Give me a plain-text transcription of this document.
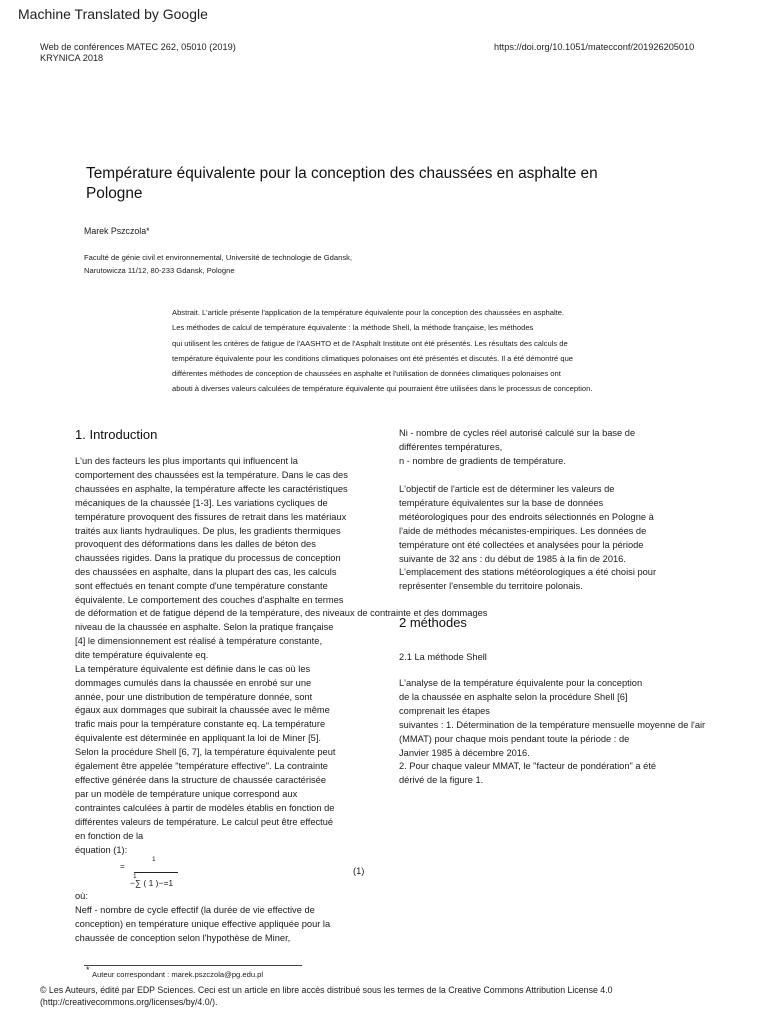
Machine Translated by Google
Web de conférences MATEC 262, 05010 (2019)
KRYNICA 2018
https://doi.org/10.1051/matecconf/201926205010
Température équivalente pour la conception des chaussées en asphalte en
Pologne
Marek Pszczola*
Faculté de génie civil et environnemental, Université de technologie de Gdansk,
Narutowicza 11/12, 80-233 Gdansk, Pologne
Abstrait. L'article présente l'application de la température équivalente pour la conception des chaussées en asphalte.
Les méthodes de calcul de température équivalente : la méthode Shell, la méthode française, les méthodes
qui utilisent les critères de fatigue de l'AASHTO et de l'Asphalt Institute ont été présentés. Les résultats des calculs de
température équivalente pour les conditions climatiques polonaises ont été présentés et discutés. Il a été démontré que
différentes méthodes de conception de chaussées en asphalte et l'utilisation de données climatiques polonaises ont
abouti à diverses valeurs calculées de température équivalente qui pourraient être utilisées dans le processus de conception.
1. Introduction
L'un des facteurs les plus importants qui influencent la
comportement des chaussées est la température. Dans le cas des
chaussées en asphalte, la température affecte les caractéristiques
mécaniques de la chaussée [1-3]. Les variations cycliques de
température provoquent des fissures de retrait dans les matériaux
traités aux liants hydrauliques. De plus, les gradients thermiques
provoquent des déformations dans les dalles de béton des
chaussées rigides. Dans la pratique du processus de conception
des chaussées en asphalte, dans la plupart des cas, les calculs
sont effectués en tenant compte d'une température constante
équivalente. Le comportement des couches d'asphalte en termes
de déformation et de fatigue dépend de la température, des niveaux de contrainte et des dommages
niveau de la chaussée en asphalte. Selon la pratique française
[4] le dimensionnement est réalisé à température constante,
dite température équivalente eq.
La température équivalente est définie dans le cas où les
dommages cumulés dans la chaussée en enrobé sur une
année, pour une distribution de température donnée, sont
égaux aux dommages que subirait la chaussée avec le même
trafic mais pour la température constante eq. La température
équivalente est déterminée en appliquant la loi de Miner [5].
Selon la procédure Shell [6, 7], la température équivalente peut
également être appelée "température effective". La contrainte
effective générée dans la structure de chaussée caractérisée
par un modèle de température unique correspond aux
contraintes calculées à partir de modèles établis en fonction de
différentes valeurs de température. Le calcul peut être effectué
en fonction de la
équation (1):
=
1
1
−∑ ( 1 )−=1
(1)
où:
Neff - nombre de cycle effectif (la durée de vie effective de
conception) en température unique effective appliquée pour la
chaussée de conception selon l'hypothèse de Miner,
Ni - nombre de cycles réel autorisé calculé sur la base de
différentes températures,
n - nombre de gradients de température.
L'objectif de l'article est de déterminer les valeurs de
température équivalentes sur la base de données
météorologiques pour des endroits sélectionnés en Pologne à
l'aide de méthodes mécanistes-empiriques. Les données de
température ont été collectées et analysées pour la période
suivante de 32 ans : du début de 1985 à la fin de 2016.
L'emplacement des stations météorologiques a été choisi pour
représenter l'ensemble du territoire polonais.
2 méthodes
2.1 La méthode Shell
L'analyse de la température équivalente pour la conception
de la chaussée en asphalte selon la procédure Shell [6]
comprenait les étapes
suivantes : 1. Détermination de la température mensuelle moyenne de l'air
(MMAT) pour chaque mois pendant toute la période : de
Janvier 1985 à décembre 2016.
2. Pour chaque valeur MMAT, le "facteur de pondération" a été
dérivé de la figure 1.
* Auteur correspondant : marek.pszczola@pg.edu.pl
© Les Auteurs, édité par EDP Sciences. Ceci est un article en libre accès distribué sous les termes de la Creative Commons Attribution License 4.0
(http://creativecommons.org/licenses/by/4.0/).
